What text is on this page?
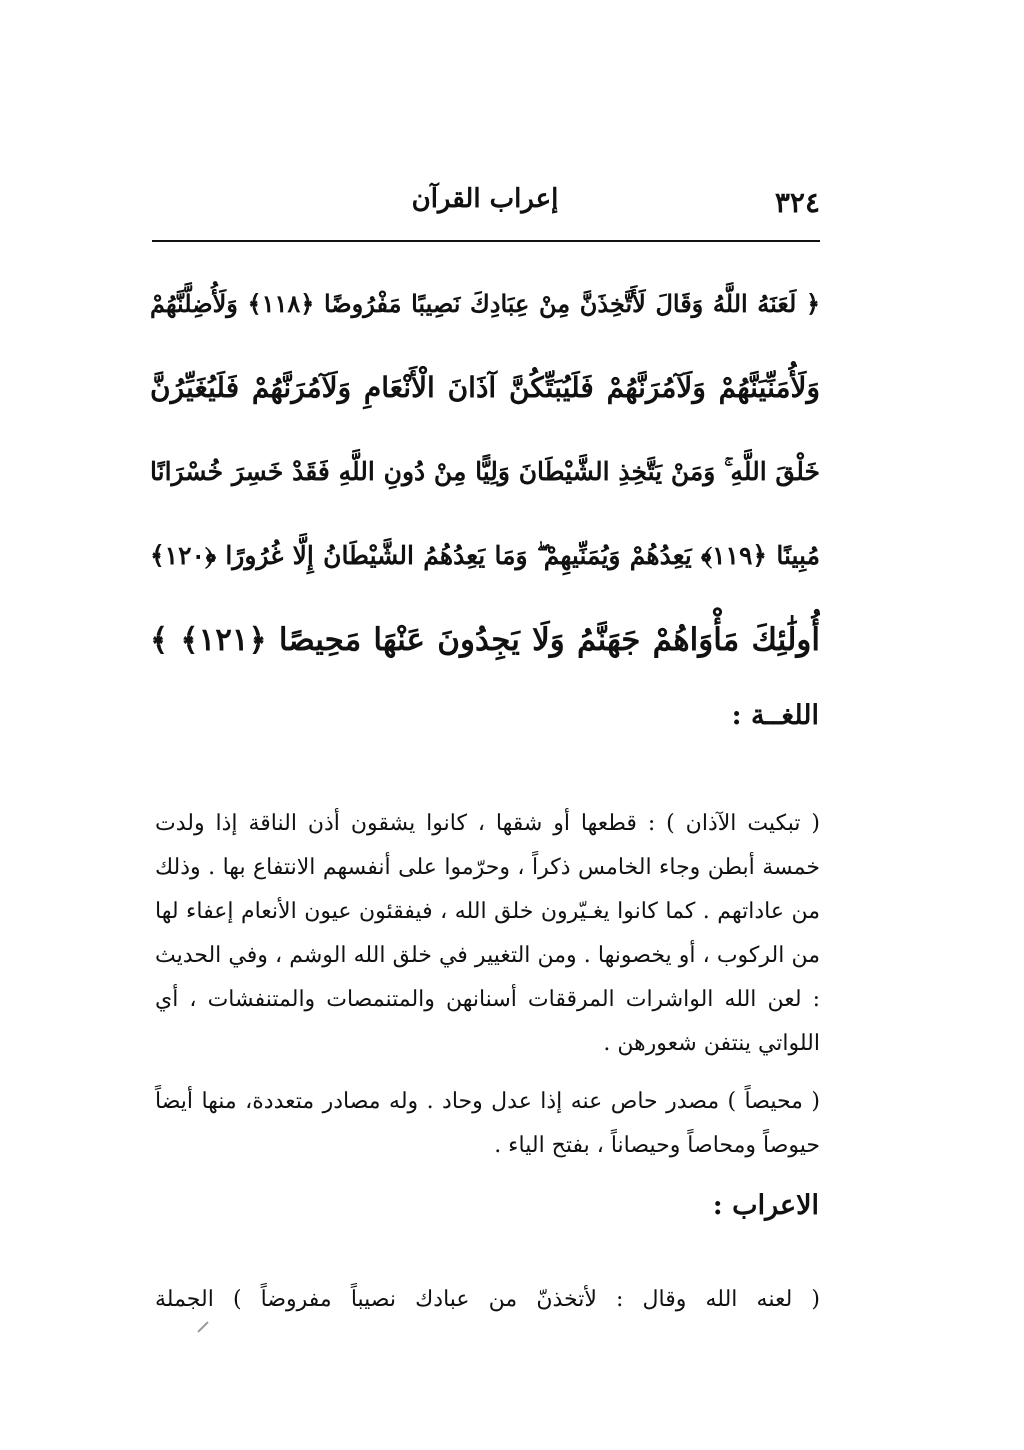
٣٢٤
إعراب القرآن
﴿ لَعَنَهُ اللَّهُ وَقَالَ لَأَتَّخِذَنَّ مِنْ عِبَادِكَ نَصِيبًا مَفْرُوضًا ﴿١١٨﴾ وَلَأُضِلَّنَّهُمْ
وَلَأُمَنِّيَنَّهُمْ وَلَآمُرَنَّهُمْ فَلَيُبَتِّكُنَّ آذَانَ الْأَنْعَامِ وَلَآمُرَنَّهُمْ فَلَيُغَيِّرُنَّ
خَلْقَ اللَّهِ ۚ وَمَنْ يَتَّخِذِ الشَّيْطَانَ وَلِيًّا مِنْ دُونِ اللَّهِ فَقَدْ خَسِرَ خُسْرَانًا
مُبِينًا ﴿١١٩﴾ يَعِدُهُمْ وَيُمَنِّيهِمْ ۖ وَمَا يَعِدُهُمُ الشَّيْطَانُ إِلَّا غُرُورًا ﴿١٢٠﴾
أُولَٰئِكَ مَأْوَاهُمْ جَهَنَّمُ وَلَا يَجِدُونَ عَنْهَا مَحِيصًا ﴿١٢١﴾ ﴾
اللغــة :

( تبكيت الآذان ) : قطعها أو شقها ، كانوا يشقون أذن الناقة إذا ولدت خمسة أبطن وجاء الخامس ذكراً ، وحرّموا على أنفسهم الانتفاع بها . وذلك من عاداتهم . كما كانوا يغـيّرون خلق الله ، فيفقئون عيون الأنعام إعفاء لها من الركوب ، أو يخصونها . ومن التغيير في خلق الله الوشم ، وفي الحديث : لعن الله الواشرات المرققات أسنانهن والمتنمصات والمتنفشات ، أي اللواتي ينتفن شعورهن .

( محيصاً ) مصدر حاص عنه إذا عدل وحاد . وله مصادر متعددة، منها أيضاً حيوصاً ومحاصاً وحيصاناً ، بفتح الياء .

الاعراب :

( لعنه الله وقال : لأتخذنّ من عبادك نصيباً مفروضاً ) الجملة
